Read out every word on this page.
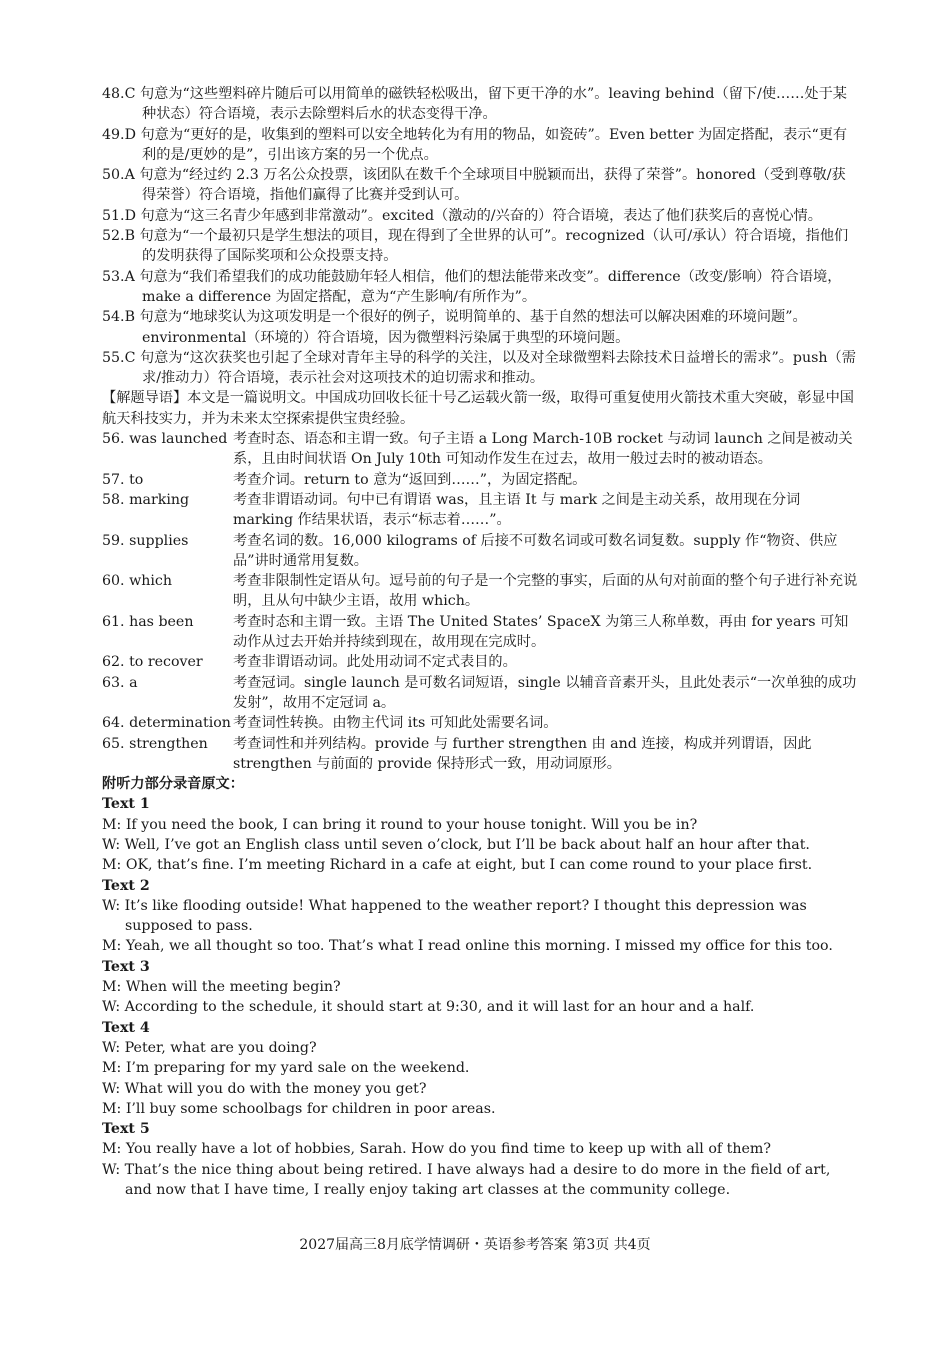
48.C 句意为“这些塑料碎片随后可以用简单的磁铁轻松吸出，留下更干净的水”。leaving behind（留下/使……处于某种状态）符合语境，表示去除塑料后水的状态变得干净。
49.D 句意为“更好的是，收集到的塑料可以安全地转化为有用的物品，如瓷砖”。Even better 为固定搭配，表示“更有利的是/更妙的是”，引出该方案的另一个优点。
50.A 句意为“经过约 2.3 万名公众投票，该团队在数千个全球项目中脱颖而出，获得了荣誉”。honored（受到尊敬/获得荣誉）符合语境，指他们赢得了比赛并受到认可。
51.D 句意为“这三名青少年感到非常激动”。excited（激动的/兴奋的）符合语境，表达了他们获奖后的喜悦心情。
52.B 句意为“一个最初只是学生想法的项目，现在得到了全世界的认可”。recognized（认可/承认）符合语境，指他们的发明获得了国际奖项和公众投票支持。
53.A 句意为“我们希望我们的成功能鼓励年轻人相信，他们的想法能带来改变”。difference（改变/影响）符合语境，make a difference 为固定搭配，意为“产生影响/有所作为”。
54.B 句意为“地球奖认为这项发明是一个很好的例子，说明简单的、基于自然的想法可以解决困难的环境问题”。environmental（环境的）符合语境，因为微塑料污染属于典型的环境问题。
55.C 句意为“这次获奖也引起了全球对青年主导的科学的关注，以及对全球微塑料去除技术日益增长的需求”。push（需求/推动力）符合语境，表示社会对这项技术的迫切需求和推动。
【解题导语】本文是一篇说明文。中国成功回收长征十号乙运载火箭一级，取得可重复使用火箭技术重大突破，彰显中国航天科技实力，并为未来太空探索提供宝贵经验。
56. was launched 考查时态、语态和主谓一致。句子主语 a Long March-10B rocket 与动词 launch 之间是被动关系，且由时间状语 On July 10th 可知动作发生在过去，故用一般过去时的被动语态。
57. to	考查介词。return to 意为“返回到……”，为固定搭配。
58. marking	考查非谓语动词。句中已有谓语 was，且主语 It 与 mark 之间是主动关系，故用现在分词 marking 作结果状语，表示“标志着……”。
59. supplies	考查名词的数。16,000 kilograms of 后接不可数名词或可数名词复数。supply 作“物资、供应品”讲时通常用复数。
60. which	考查非限制性定语从句。逗号前的句子是一个完整的事实，后面的从句对前面的整个句子进行补充说明，且从句中缺少主语，故用 which。
61. has been	考查时态和主谓一致。主语 The United States’ SpaceX 为第三人称单数，再由 for years 可知动作从过去开始并持续到现在，故用现在完成时。
62. to recover	考查非谓语动词。此处用动词不定式表目的。
63. a	考查冠词。single launch 是可数名词短语，single 以辅音音素开头，且此处表示“一次单独的成功发射”，故用不定冠词 a。
64. determination 考查词性转换。由物主代词 its 可知此处需要名词。
65. strengthen	考查词性和并列结构。provide 与 further strengthen 由 and 连接，构成并列谓语，因此 strengthen 与前面的 provide 保持形式一致，用动词原形。
附听力部分录音原文：
Text 1
M: If you need the book, I can bring it round to your house tonight. Will you be in?
W: Well, I’ve got an English class until seven o’clock, but I’ll be back about half an hour after that.
M: OK, that’s fine. I’m meeting Richard in a cafe at eight, but I can come round to your place first.
Text 2
W: It’s like flooding outside! What happened to the weather report? I thought this depression was supposed to pass.
M: Yeah, we all thought so too. That’s what I read online this morning. I missed my office for this too.
Text 3
M: When will the meeting begin?
W: According to the schedule, it should start at 9:30, and it will last for an hour and a half.
Text 4
W: Peter, what are you doing?
M: I’m preparing for my yard sale on the weekend.
W: What will you do with the money you get?
M: I’ll buy some schoolbags for children in poor areas.
Text 5
M: You really have a lot of hobbies, Sarah. How do you find time to keep up with all of them?
W: That’s the nice thing about being retired. I have always had a desire to do more in the field of art, and now that I have time, I really enjoy taking art classes at the community college.
2027届高三8月底学情调研・英语参考答案 第3页 共4页
